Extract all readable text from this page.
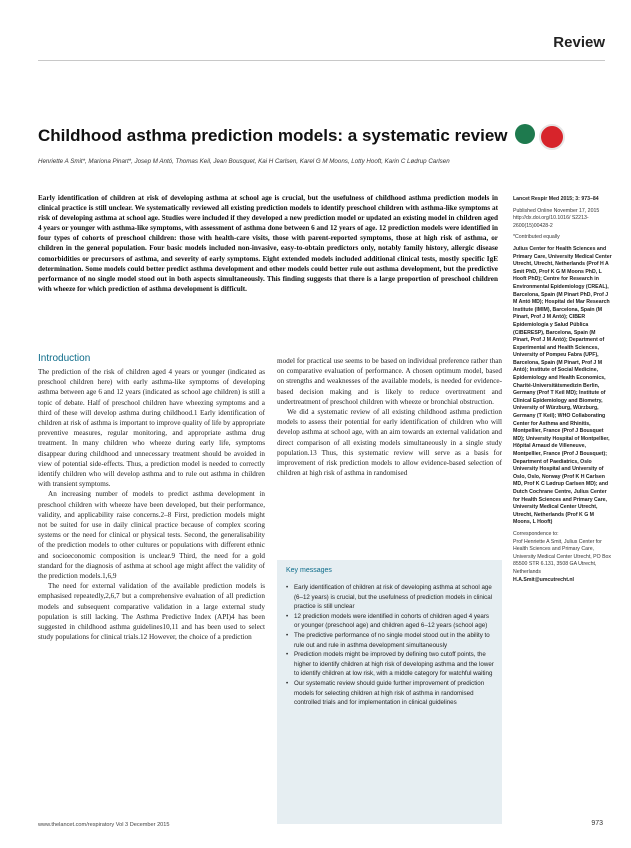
Review
Childhood asthma prediction models: a systematic review
Henriette A Smit*, Mariona Pinart*, Josep M Antó, Thomas Keil, Jean Bousquet, Kai H Carlsen, Karel G M Moons, Lotty Hooft, Karin C Lødrup Carlsen
Early identification of children at risk of developing asthma at school age is crucial, but the usefulness of childhood asthma prediction models in clinical practice is still unclear. We systematically reviewed all existing prediction models to identify preschool children with asthma-like symptoms at risk of developing asthma at school age. Studies were included if they developed a new prediction model or updated an existing model in children aged 4 years or younger with asthma-like symptoms, with assessment of asthma done between 6 and 12 years of age. 12 prediction models were identified in four types of cohorts of preschool children: those with health-care visits, those with parent-reported symptoms, those at high risk of asthma, or children in the general population. Four basic models included non-invasive, easy-to-obtain predictors only, notably family history, allergic disease comorbidities or precursors of asthma, and severity of early symptoms. Eight extended models included additional clinical tests, mostly specific IgE determination. Some models could better predict asthma development and other models could better rule out asthma development, but the predictive performance of no single model stood out in both aspects simultaneously. This finding suggests that there is a large proportion of preschool children with wheeze for which prediction of asthma development is difficult.
Introduction

The prediction of the risk of children aged 4 years or younger (indicated as preschool children here) with early asthma-like symptoms of developing asthma between age 6 and 12 years (indicated as school age children) is still a topic of debate. Half of preschool children have wheezing symptoms and a third of these will develop asthma during childhood.1 Early identification of children at risk of asthma is important to improve quality of life by appropriate preventive measures, regular monitoring, and appropriate asthma drug treatment. In many children who wheeze during early life, symptoms disappear during childhood and unnecessary treatment should be avoided in view of potential side-effects. Thus, a prediction model is needed to correctly identify children who will develop asthma and to rule out asthma in children with transient symptoms.

An increasing number of models to predict asthma development in preschool children with wheeze have been developed, but their performance, validity, and applicability raise concerns.2–8 First, prediction models might not be suited for use in daily clinical practice because of complex scoring systems or the need for clinical or physical tests. Second, the generalisability of the prediction models to other cultures or populations with different ethnic and socioeconomic composition is unclear.9 Third, the need for a gold standard for the diagnosis of asthma at school age might affect the validity of the prediction models.1,6,9

The need for external validation of the available prediction models is emphasised repeatedly,2,6,7 but a comprehensive evaluation of all prediction models and subsequent comparative validation in a large external study population is still lacking. The Asthma Predictive Index (API)4 has been suggested in childhood asthma guidelines10,11 and has been used to select study populations for clinical trials.12 However, the choice of a prediction

model for practical use seems to be based on individual preference rather than on comparative evaluation of performance. A chosen optimum model, based on strengths and weaknesses of the available models, is needed for evidence-based decision making and is likely to reduce overtreatment and undertreatment of preschool children with wheeze or bronchial obstruction.

We did a systematic review of all existing childhood asthma prediction models to assess their potential for early identification of children who will develop asthma at school age, with an aim towards an external validation and direct comparison of all existing models simultaneously in a single study population.13 Thus, this systematic review will serve as a basis for improvement of risk prediction models to allow evidence-based selection of children at high risk of asthma in randomised

Key messages
• Early identification of children at risk of developing asthma at school age (6–12 years) is crucial, but the usefulness of prediction models in clinical practice is still unclear
• 12 prediction models were identified in cohorts of children aged 4 years or younger (preschool age) and children aged 6–12 years (school age)
• The predictive performance of no single model stood out in the ability to rule out and rule in asthma development simultaneously
• Prediction models might be improved by defining two cutoff points, the higher to identify children at high risk of developing asthma and the lower to identify children at low risk, with a middle category for watchful waiting
• Our systematic review should guide further improvement of prediction models for selecting children at high risk of asthma in randomised controlled trials and for implementation in clinical guidelines
Lancet Respir Med 2015; 3: 973–84
Published Online November 17, 2015 http://dx.doi.org/10.1016/ S2213-2600(15)00428-2
*Contributed equally
Julius Center for Health Sciences and Primary Care, University Medical Center Utrecht, Utrecht, Netherlands (Prof H A Smit PhD, Prof K G M Moons PhD, L Hooft PhD); Centre for Research in Environmental Epidemiology (CREAL), Barcelona, Spain (M Pinart PhD, Prof J M Antó MD); Hospital del Mar Research Institute (IMIM), Barcelona, Spain (M Pinart, Prof J M Antó); CIBER Epidemiología y Salud Pública (CIBERESP), Barcelona, Spain (M Pinart, Prof J M Antó); Department of Experimental and Health Sciences, University of Pompeu Fabra (UPF), Barcelona, Spain (M Pinart, Prof J M Antó); Institute of Social Medicine, Epidemiology and Health Economics, Charité-Universitätsmedizin Berlin, Germany (Prof T Keil MD); Institute of Clinical Epidemiology and Biometry, University of Würzburg, Würzburg, Germany (T Keil); WHO Collaborating Center for Asthma and Rhinitis, Montpellier, France (Prof J Bousquet MD); University Hospital of Montpellier, Hôpital Arnaud de Villeneuve, Montpellier, France (Prof J Bousquet); Department of Paediatrics, Oslo University Hospital and University of Oslo, Oslo, Norway (Prof K H Carlsen MD, Prof K C Lødrup Carlsen MD); and Dutch Cochrane Centre, Julius Center for Health Sciences and Primary Care, University Medical Center Utrecht, Utrecht, Netherlands (Prof K G M Moons, L Hooft)
Correspondence to:
Prof Henriette A Smit, Julius Center for Health Sciences and Primary Care, University Medical Center Utrecht, PO Box 85500 STR 6.131, 3508 GA Utrecht, Netherlands
H.A.Smit@umcutrecht.nl
www.thelancet.com/respiratory Vol 3 December 2015	973
